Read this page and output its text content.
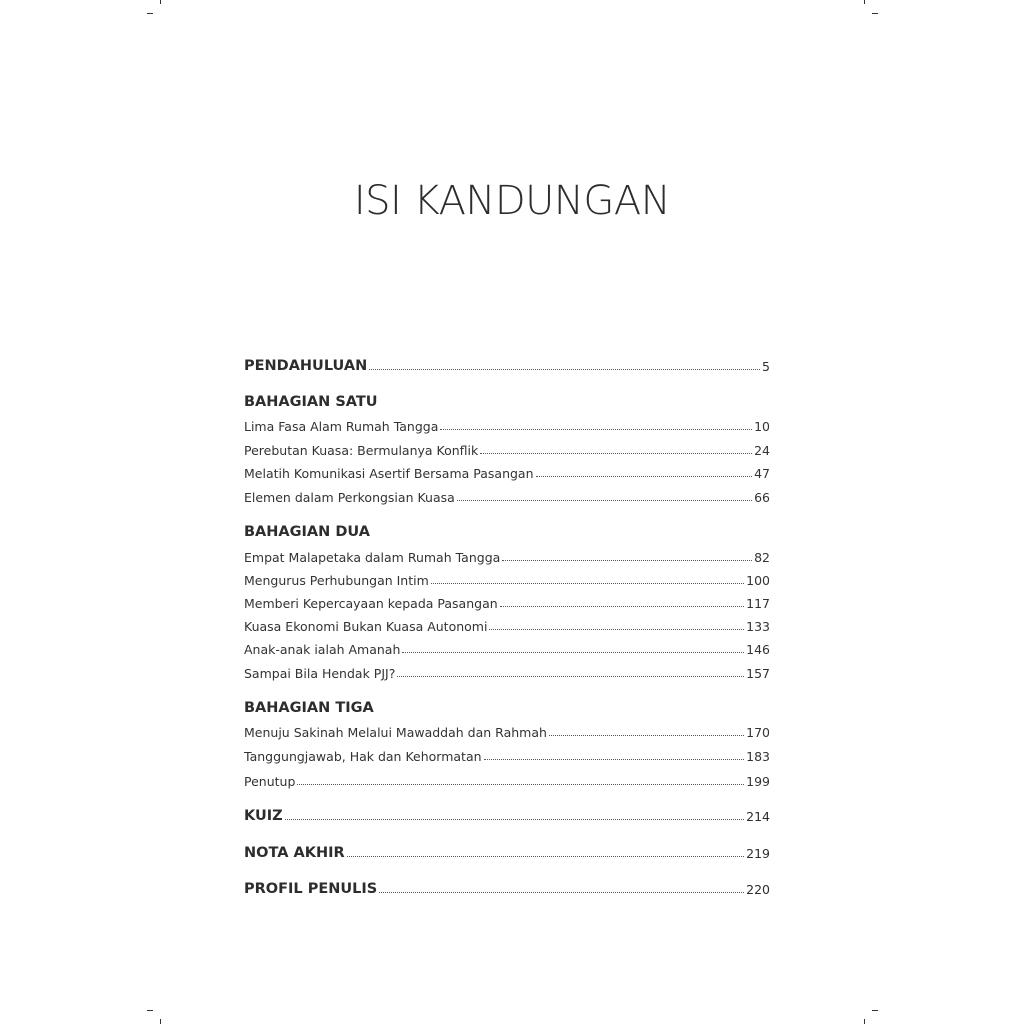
ISI KANDUNGAN
PENDAHULUAN	5
BAHAGIAN SATU
Lima Fasa Alam Rumah Tangga	10
Perebutan Kuasa: Bermulanya Konflik	24
Melatih Komunikasi Asertif Bersama Pasangan	47
Elemen dalam Perkongsian Kuasa	66
BAHAGIAN DUA
Empat Malapetaka dalam Rumah Tangga	82
Mengurus Perhubungan Intim	100
Memberi Kepercayaan kepada Pasangan	117
Kuasa Ekonomi Bukan Kuasa Autonomi	133
Anak-anak ialah Amanah	146
Sampai Bila Hendak PJJ?	157
BAHAGIAN TIGA
Menuju Sakinah Melalui Mawaddah dan Rahmah	170
Tanggungjawab, Hak dan Kehormatan	183
Penutup	199
KUIZ	214
NOTA AKHIR	219
PROFIL PENULIS	220
